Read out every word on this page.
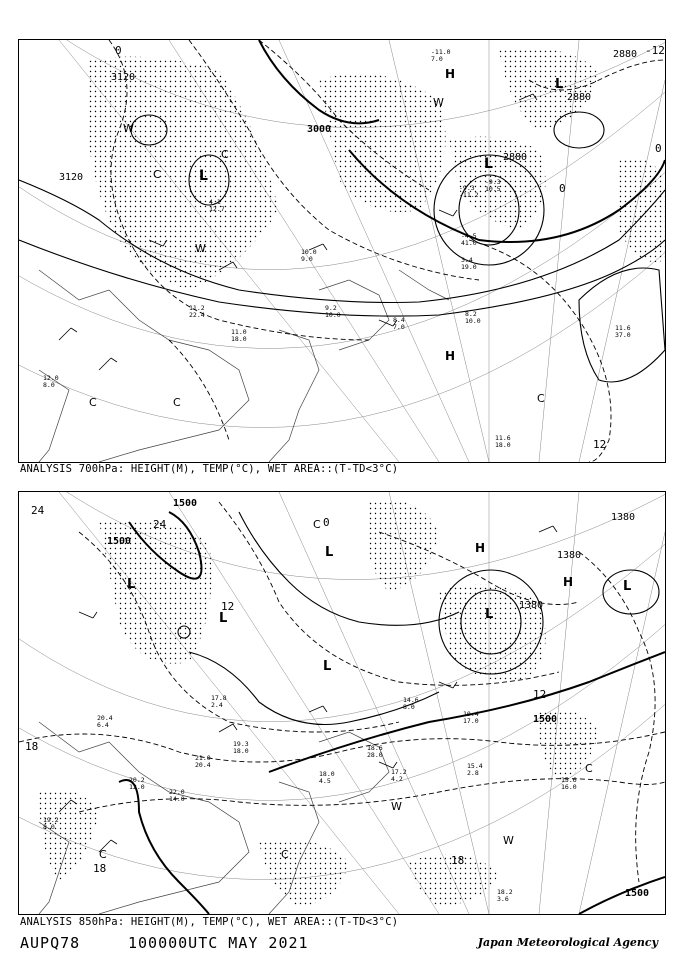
3120
3120
3000
2880
2880
2880
0	-12
12
0
0
L
L
L
H
H
W
W
W
C
C
C	C	C
-11.0 7.0
-9.3 -11.2
8.2 10.0
11.6 37.0
11.6 18.0
10.0 9.0
8.4 7.0
11.0 18.0
-4.5 41.0
3.4 19.0
9.2 10.0
12.0 8.0
4.1 12.7
-9.3 10.5
11.2 22.4
ANALYSIS 700hPa: HEIGHT(M), TEMP(°C), WET AREA::(T-TD<3°C)
1500
1500
1500
1500
1380
1380
1380
24
24
18
18
18
12
12
0
L
L
L
L
L
L
H
H
C
C	C
C
W
W
15.4 2.8
15.6 16.0
18.2 3.6
17.2 4.2
18.6 28.0
20.2 12.0
22.0 14.0
19.2 8.0
20.4 6.4
10.4 17.0
14.6 8.0
18.0 4.5
19.3 18.0
21.0 20.4
17.8 2.4
ANALYSIS 850hPa: HEIGHT(M), TEMP(°C), WET AREA::(T-TD<3°C)
AUPQ78	100000UTC MAY 2021	Japan Meteorological Agency
